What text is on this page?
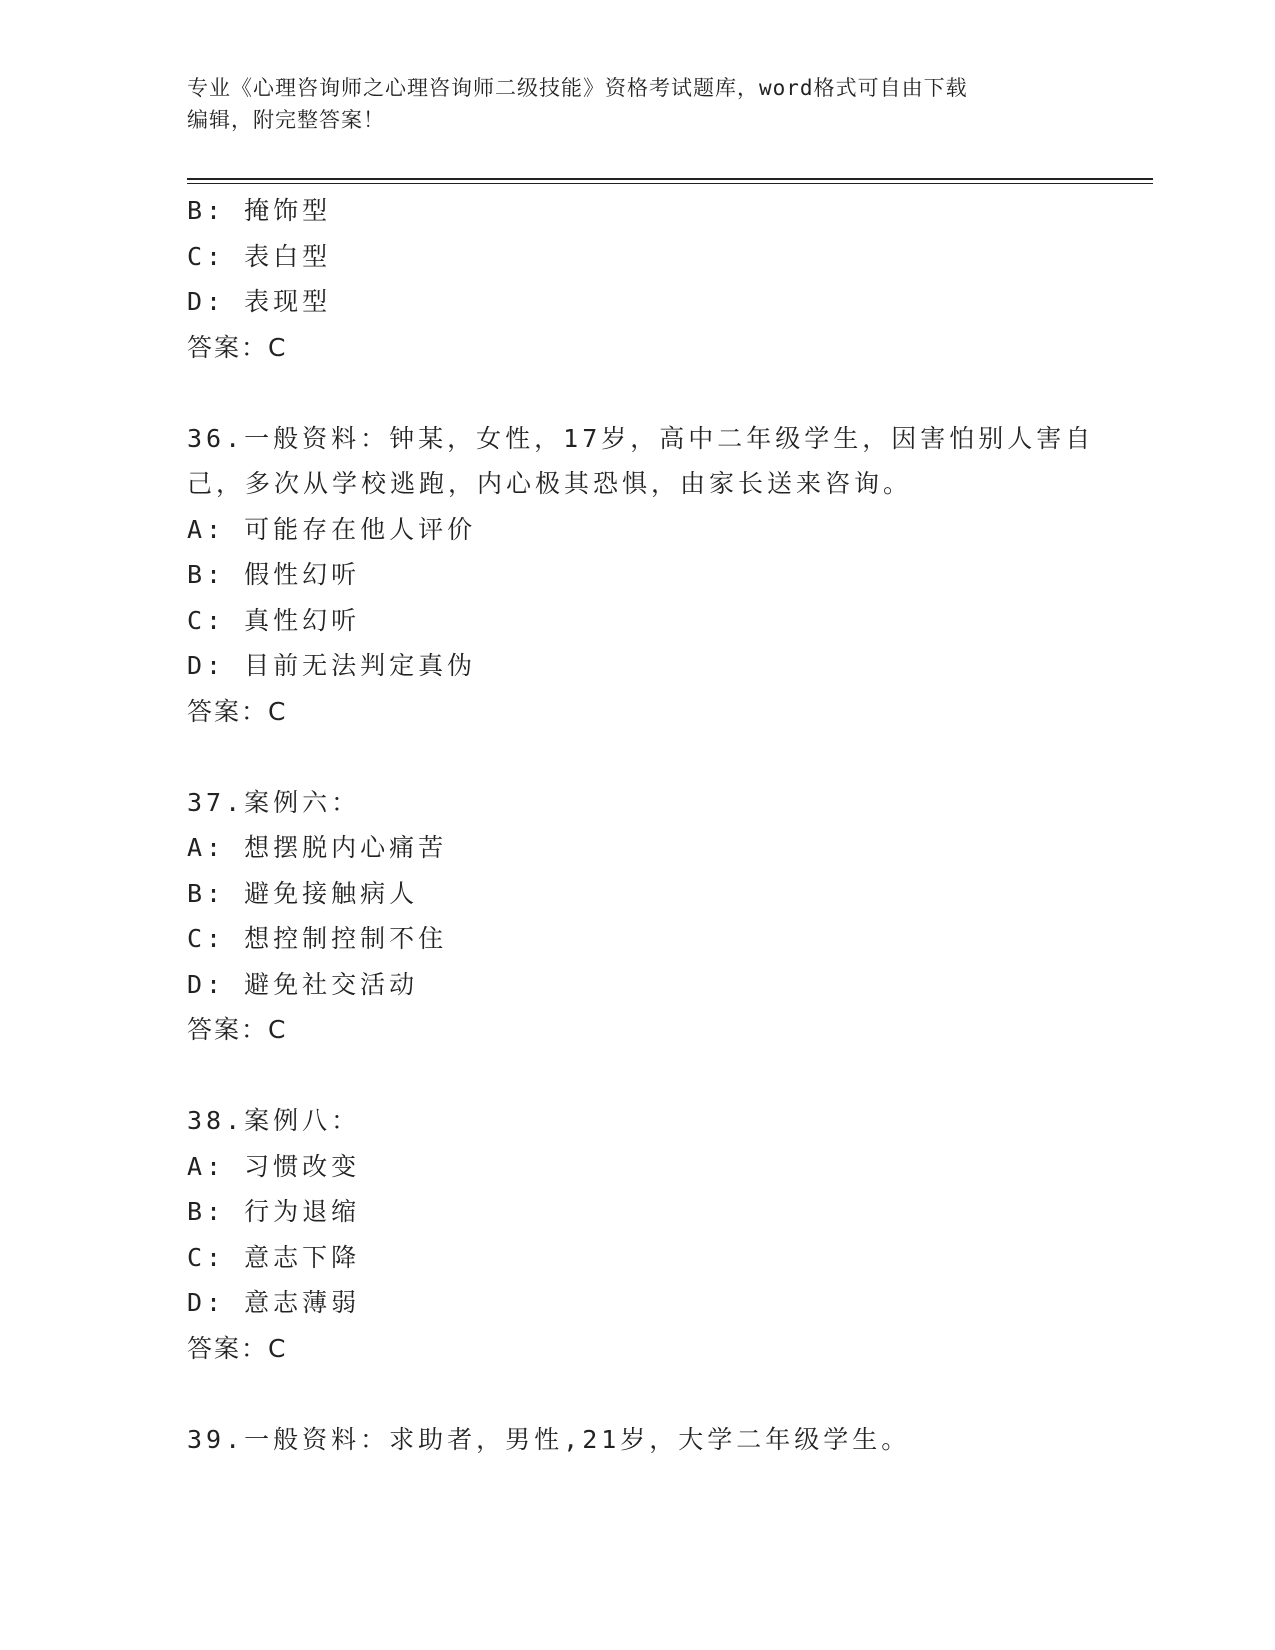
专业《心理咨询师之心理咨询师二级技能》资格考试题库，word格式可自由下载
编辑，附完整答案！
B: 掩饰型
C: 表白型
D: 表现型
答案：C
36.一般资料：钟某，女性，17岁，高中二年级学生，因害怕别人害自
己，多次从学校逃跑，内心极其恐惧，由家长送来咨询。
A: 可能存在他人评价
B: 假性幻听
C: 真性幻听
D: 目前无法判定真伪
答案：C
37.案例六：
A: 想摆脱内心痛苦
B: 避免接触病人
C: 想控制控制不住
D: 避免社交活动
答案：C
38.案例八：
A: 习惯改变
B: 行为退缩
C: 意志下降
D: 意志薄弱
答案：C
39.一般资料：求助者，男性,21岁，大学二年级学生。
